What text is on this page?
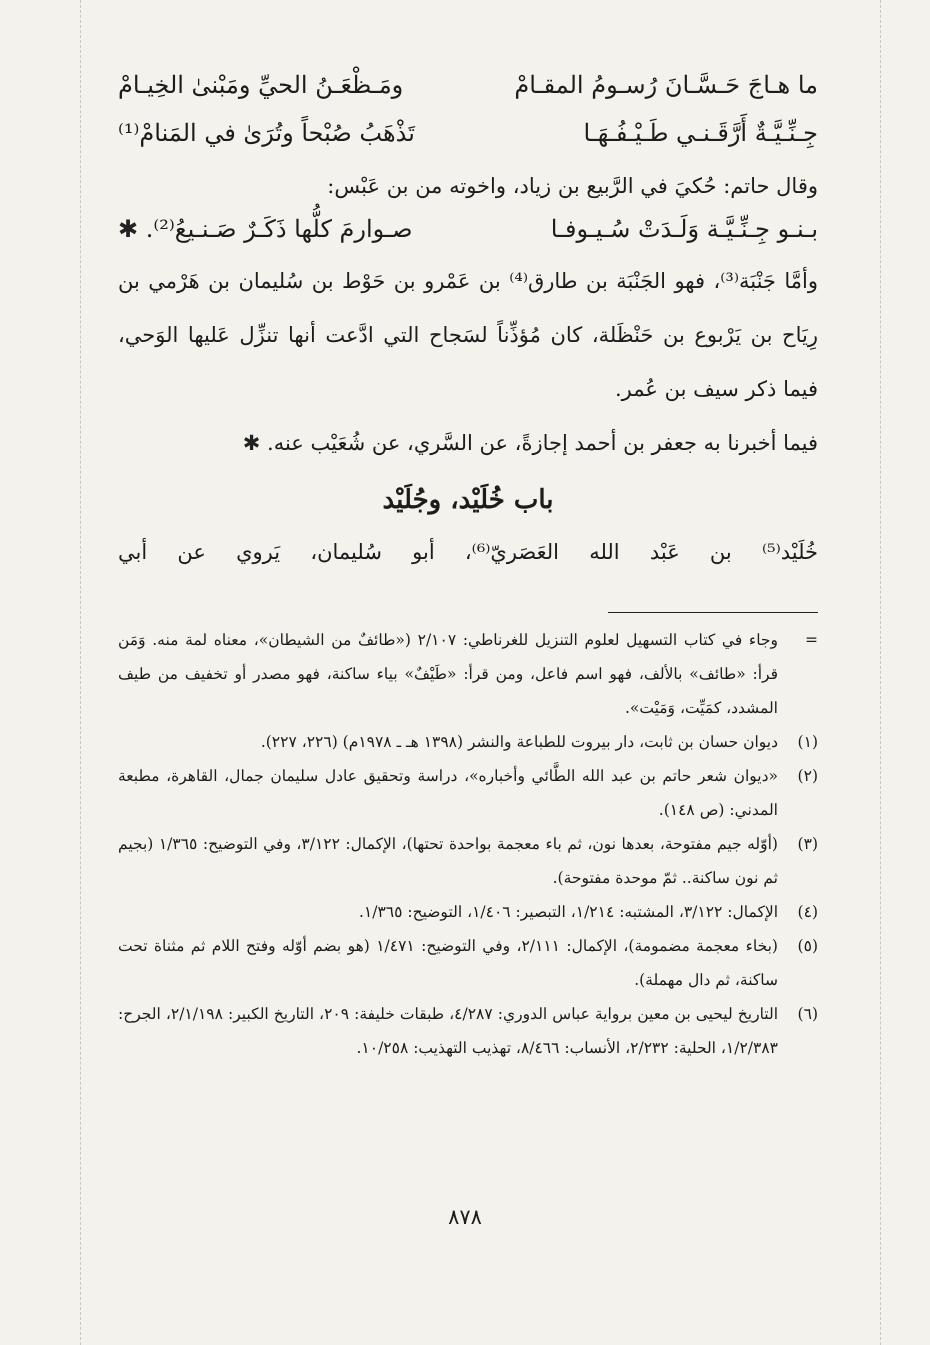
ما هـاجَ حَـسَّـانَ رُسـومُ المقـامْ
ومَـظْعَـنُ الحيِّ ومَبْنىٰ الخِيـامْ
جِـنِّـيَّـةٌ أَرَّقَـنـي طَـيْـفُـهَـا
تَذْهَبُ صُبْحاً وتُرَىٰ في المَنامْ⁽¹⁾

وقال حاتم: حُكيَ في الرَّبيع بن زياد، واخوته من بن عَبْس:

بـنـو جِـنِّـيَّـة وَلَـدَتْ سُـيـوفـا
صـوارمَ كلُّها ذَكَـرٌ صَـنـيعُ⁽²⁾. ✱

وأمَّا جَنْبَة⁽³⁾، فهو الجَنْبَة بن طارق⁽⁴⁾ بن عَمْرو بن حَوْط بن سُليمان بن هَرْمي بن رِيَاح بن يَرْبوع بن حَنْظَلة، كان مُؤذِّناً لسَجاح التي ادَّعت أنها تنزِّل عَليها الوَحي، فيما ذكر سيف بن عُمر.

فيما أخبرنا به جعفر بن أحمد إجازةً، عن السَّري، عن شُعَيْب عنه. ✱

باب خُلَيْد، وجُلَيْد

خُلَيْد⁽⁵⁾ بن عَبْد الله العَصَريّ⁽⁶⁾، أبو سُليمان، يَروي عن أبي

=
وجاء في كتاب التسهيل لعلوم التنزيل للغرناطي: ٢/١٠٧ («طائفٌ من الشيطان»، معناه لمة منه. وَمَن قرأ: «طائف» بالألف، فهو اسم فاعل، ومن قرأ: «طَيْفٌ» بياء ساكنة، فهو مصدر أو تخفيف من طيف المشدد، كمَيِّت، وَمَيْت».
(١)
ديوان حسان بن ثابت، دار بيروت للطباعة والنشر (١٣٩٨ هـ ـ ١٩٧٨م) (٢٢٦، ٢٢٧).
(٢)
«ديوان شعر حاتم بن عبد الله الطَّائي وأخباره»، دراسة وتحقيق عادل سليمان جمال، القاهرة، مطبعة المدني: (ص ١٤٨).
(٣)
(أوّله جيم مفتوحة، بعدها نون، ثم باء معجمة بواحدة تحتها)، الإكمال: ٣/١٢٢، وفي التوضيح: ١/٣٦٥ (بجيم ثم نون ساكنة.. ثمّ موحدة مفتوحة).
(٤)
الإكمال: ٣/١٢٢، المشتبه: ١/٢١٤، التبصير: ١/٤٠٦، التوضيح: ١/٣٦٥.
(٥)
(بخاء معجمة مضمومة)، الإكمال: ٢/١١١، وفي التوضيح: ١/٤٧١ (هو بضم أوّله وفتح اللام ثم مثناة تحت ساكنة، ثم دال مهملة).
(٦)
التاريخ ليحيى بن معين برواية عباس الدوري: ٤/٢٨٧، طبقات خليفة: ٢٠٩، التاريخ الكبير: ٢/١/١٩٨، الجرح: ١/٢/٣٨٣، الحلية: ٢/٢٣٢، الأنساب: ٨/٤٦٦، تهذيب التهذيب: ١٠/٢٥٨.
٨٧٨
